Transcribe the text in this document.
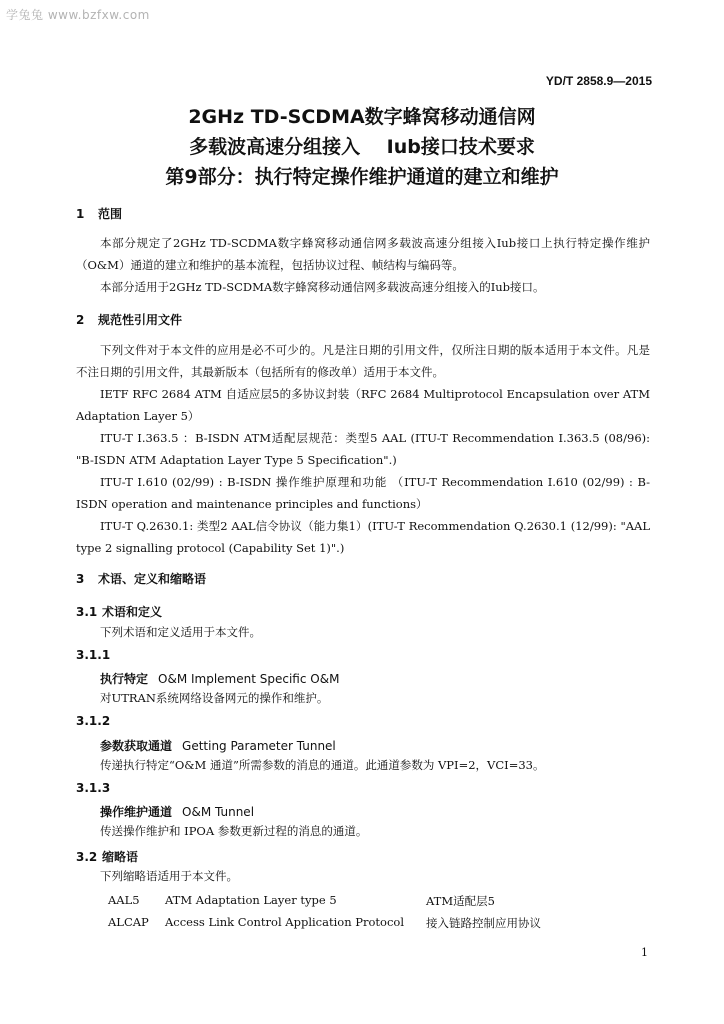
学兔兔 www.bzfxw.com
YD/T 2858.9—2015
2GHz TD-SCDMA数字蜂窝移动通信网
多载波高速分组接入    Iub接口技术要求
第9部分：执行特定操作维护通道的建立和维护
1 范围
本部分规定了2GHz TD-SCDMA数字蜂窝移动通信网多载波高速分组接入Iub接口上执行特定操作维护（O&M）通道的建立和维护的基本流程，包括协议过程、帧结构与编码等。
本部分适用于2GHz TD-SCDMA数字蜂窝移动通信网多载波高速分组接入的Iub接口。
2 规范性引用文件
下列文件对于本文件的应用是必不可少的。凡是注日期的引用文件，仅所注日期的版本适用于本文件。凡是不注日期的引用文件，其最新版本（包括所有的修改单）适用于本文件。
IETF RFC 2684 ATM 自适应层5的多协议封装（RFC 2684 Multiprotocol Encapsulation over ATM Adaptation Layer 5）
ITU-T I.363.5 ：B-ISDN ATM适配层规范：类型5 AAL (ITU-T Recommendation I.363.5 (08/96): "B-ISDN ATM Adaptation Layer Type 5 Specification".)
ITU-T I.610 (02/99) : B-ISDN 操作维护原理和功能 （ITU-T Recommendation I.610 (02/99) : B-ISDN operation and maintenance principles and functions）
ITU-T Q.2630.1: 类型2 AAL信令协议（能力集1）(ITU-T Recommendation Q.2630.1 (12/99): "AAL type 2 signalling protocol (Capability Set 1)".)
3 术语、定义和缩略语
3.1 术语和定义
下列术语和定义适用于本文件。
3.1.1
执行特定 O&M Implement Specific O&M
对UTRAN系统网络设备网元的操作和维护。
3.1.2
参数获取通道 Getting Parameter Tunnel
传递执行特定“O&M 通道”所需参数的消息的通道。此通道参数为 VPI=2，VCI=33。
3.1.3
操作维护通道 O&M Tunnel
传送操作维护和 IPOA 参数更新过程的消息的通道。
3.2 缩略语
下列缩略语适用于本文件。
AAL5 ATM Adaptation Layer type 5	ATM适配层5
ALCAP Access Link Control Application Protocol 接入链路控制应用协议
1
